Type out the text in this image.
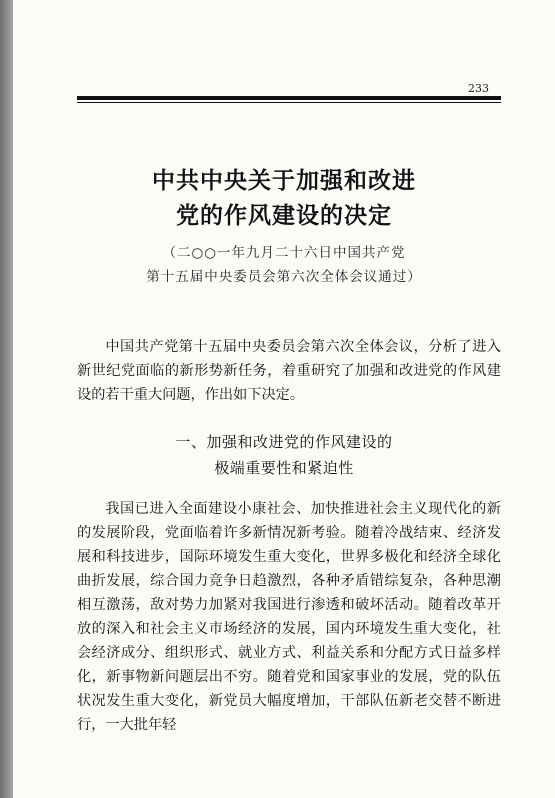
233
中共中央关于加强和改进
党的作风建设的决定
（二○○一年九月二十六日中国共产党
第十五届中央委员会第六次全体会议通过）
中国共产党第十五届中央委员会第六次全体会议，分析了进入新世纪党面临的新形势新任务，着重研究了加强和改进党的作风建设的若干重大问题，作出如下决定。
一、加强和改进党的作风建设的
极端重要性和紧迫性
我国已进入全面建设小康社会、加快推进社会主义现代化的新的发展阶段，党面临着许多新情况新考验。随着冷战结束、经济发展和科技进步，国际环境发生重大变化，世界多极化和经济全球化曲折发展，综合国力竞争日趋激烈，各种矛盾错综复杂，各种思潮相互激荡，敌对势力加紧对我国进行渗透和破坏活动。随着改革开放的深入和社会主义市场经济的发展，国内环境发生重大变化，社会经济成分、组织形式、就业方式、利益关系和分配方式日益多样化，新事物新问题层出不穷。随着党和国家事业的发展，党的队伍状况发生重大变化，新党员大幅度增加，干部队伍新老交替不断进行，一大批年轻
